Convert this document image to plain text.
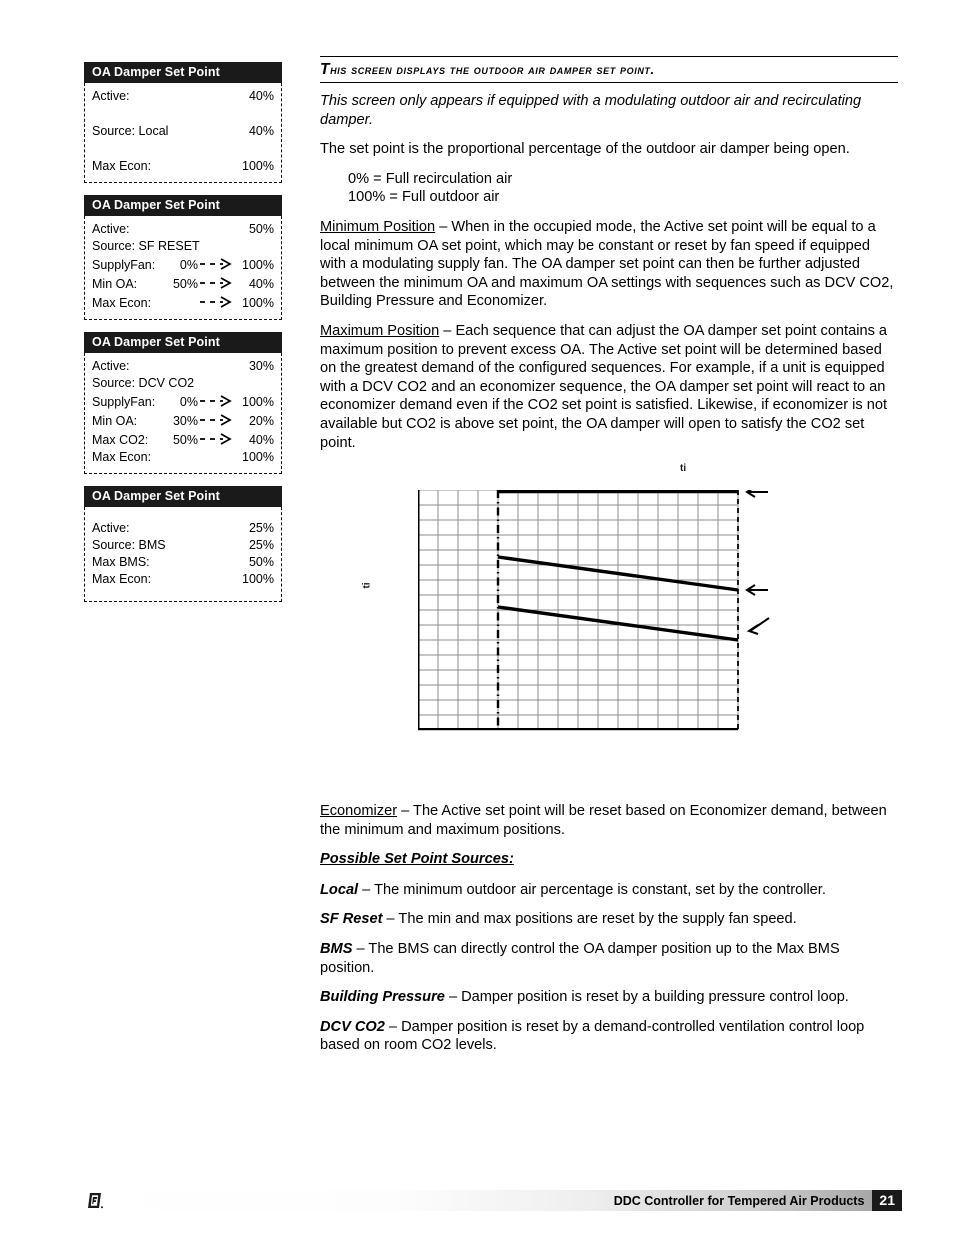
OA Damper Set Point
Active:	40%
Source: Local	40%
Max Econ:	100%
OA Damper Set Point
Active:	50%
Source: SF RESET
SupplyFan:	0%	100%
Min OA:	50%	40%
Max Econ:	100%
OA Damper Set Point
Active:	30%
Source: DCV CO2
SupplyFan:	0%	100%
Min OA:	30%	20%
Max CO2:	50%	40%
Max Econ:	100%
OA Damper Set Point
Active:	25%
Source: BMS	25%
Max BMS:	50%
Max Econ:	100%
This screen displays the outdoor air damper set point.

This screen only appears if equipped with a modulating outdoor air and recirculating damper.

The set point is the proportional percentage of the outdoor air damper being open.

0% = Full recirculation air

100% = Full outdoor air

Minimum Position – When in the occupied mode, the Active set point will be equal to a local minimum OA set point, which may be constant or reset by fan speed if equipped with a modulating supply fan. The OA damper set point can then be further adjusted between the minimum OA and maximum OA settings with sequences such as DCV CO2, Building Pressure and Economizer.

Maximum Position – Each sequence that can adjust the OA damper set point contains a maximum position to prevent excess OA. The Active set point will be determined based on the greatest demand of the configured sequences. For example, if a unit is equipped with a DCV CO2 and an economizer sequence, the OA damper set point will react to an economizer demand even if the CO2 set point is satisfied. Likewise, if economizer is not available but CO2 is above set point, the OA damper will open to satisfy the CO2 set point.

ti
ti

Economizer – The Active set point will be reset based on Economizer demand, between the minimum and maximum positions.

Possible Set Point Sources:

Local – The minimum outdoor air percentage is constant, set by the controller.

SF Reset – The min and max positions are reset by the supply fan speed.

BMS – The BMS can directly control the OA damper position up to the Max BMS position.

Building Pressure – Damper position is reset by a building pressure control loop.

DCV CO2 – Damper position is reset by a demand-controlled ventilation control loop based on room CO2 levels.

DDC Controller for Tempered Air Products	21
